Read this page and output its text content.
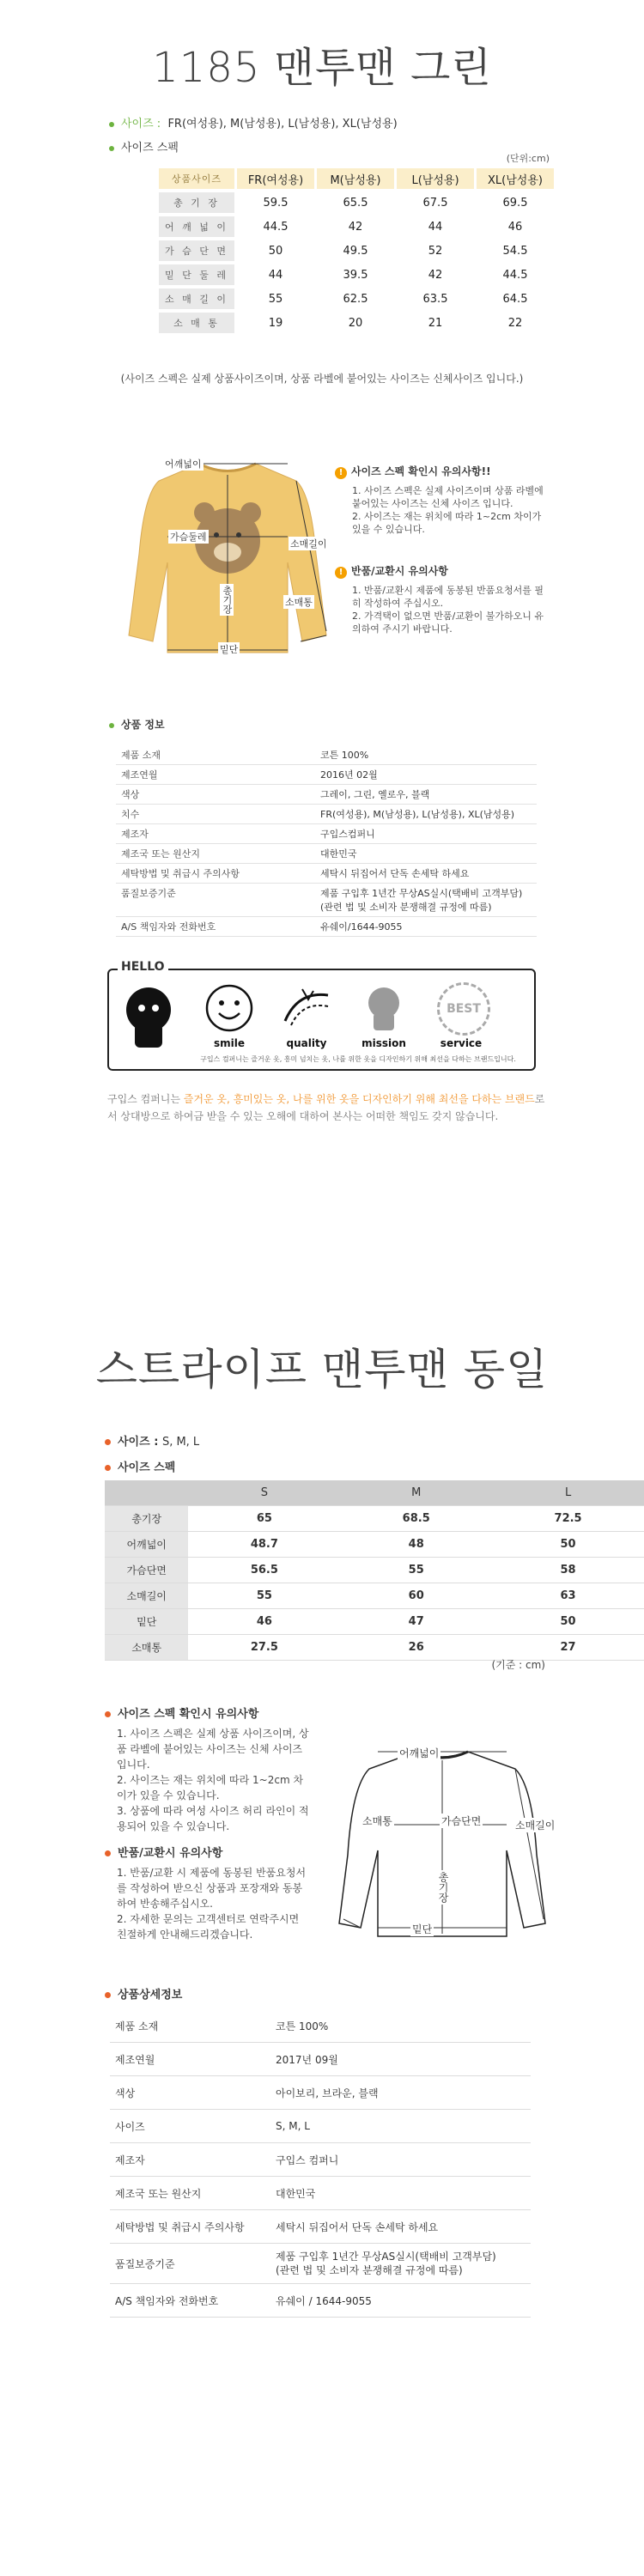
1185 맨투맨 그린
사이즈 : FR(여성용), M(남성용), L(남성용), XL(남성용)
사이즈 스펙
(단위:cm)
상품사이즈	FR(여성용)	M(남성용)	L(남성용)	XL(남성용)
총 기 장	59.5	65.5	67.5	69.5
어 깨 넓 이	44.5	42	44	46
가 슴 단 면	50	49.5	52	54.5
밑 단 둘 레	44	39.5	42	44.5
소 매 길 이	55	62.5	63.5	64.5
소 매 통	19	20	21	22
(사이즈 스펙은 실제 상품사이즈이며, 상품 라벨에 붙어있는 사이즈는 신체사이즈 입니다.)
어깨넓이
가슴둘레
총기장
소매길이
소매통
밑단
! 사이즈 스펙 확인시 유의사항!!
1. 사이즈 스펙은 실제 사이즈이며 상품 라벨에 붙어있는 사이즈는 신체 사이즈 입니다.
2. 사이즈는 재는 위치에 따라 1~2cm 차이가 있을 수 있습니다.
! 반품/교환시 유의사항
1. 반품/교환시 제품에 동봉된 반품요청서를 필히 작성하여 주십시오.
2. 가격택이 없으면 반품/교환이 불가하오니 유의하여 주시기 바랍니다.
상품 정보
제품 소재	코튼 100%
제조연월	2016년 02월
색상	그레이, 그린, 옐로우, 블랙
치수	FR(여성용), M(남성용), L(남성용), XL(남성용)
제조자	구입스컴퍼니
제조국 또는 원산지	대한민국
세탁방법 및 취급시 주의사항	세탁시 뒤집어서 단독 손세탁 하세요
품질보증기준	제품 구입후 1년간 무상AS실시(택배비 고객부담)
(관련 법 및 소비자 분쟁해결 규정에 따름)
A/S 책임자와 전화번호	유쉐이/1644-9055
HELLO
smile	quality	mission
BEST
service
구입스 컴퍼니는 즐거운 옷, 흥미 넘치는 옷, 나를 위한 옷을 디자인하기 위해 최선을 다하는 브랜드입니다.
구입스 컴퍼니는 즐거운 옷, 흥미있는 옷, 나를 위한 옷을 디자인하기 위해 최선을 다하는 브랜드로서 상대방으로 하여금 받을 수 있는 오해에 대하여 본사는 어떠한 책임도 갖지 않습니다.
스트라이프 맨투맨 동일
사이즈 : S, M, L
사이즈 스펙
	S	M	L
총기장	65	68.5	72.5
어깨넓이	48.7	48	50
가슴단면	56.5	55	58
소매길이	55	60	63
밑단	46	47	50
소매통	27.5	26	27
(기준 : cm)
사이즈 스펙 확인시 유의사항
1. 사이즈 스펙은 실제 상품 사이즈이며, 상품 라벨에 붙어있는 사이즈는 신체 사이즈입니다.
2. 사이즈는 재는 위치에 따라 1~2cm 차이가 있을 수 있습니다.
3. 상품에 따라 여성 사이즈 허리 라인이 적용되어 있을 수 있습니다.
반품/교환시 유의사항
1. 반품/교환 시 제품에 동봉된 반품요청서를 작성하여 받으신 상품과 포장재와 동봉하여 반송해주십시오.
2. 자세한 문의는 고객센터로 연락주시면 친절하게 안내해드리겠습니다.
어깨넓이
소매통	가슴단면	소매길이
총기장
밑단
상품상세정보
제품 소재	코튼 100%
제조연월	2017년 09월
색상	아이보리, 브라운, 블랙
사이즈	S, M, L
제조자	구입스 컴퍼니
제조국 또는 원산지	대한민국
세탁방법 및 취급시 주의사항	세탁시 뒤집어서 단독 손세탁 하세요
품질보증기준	제품 구입후 1년간 무상AS실시(택배비 고객부담)
(관련 법 및 소비자 분쟁해결 규정에 따름)
A/S 책임자와 전화번호	유쉐이 / 1644-9055
